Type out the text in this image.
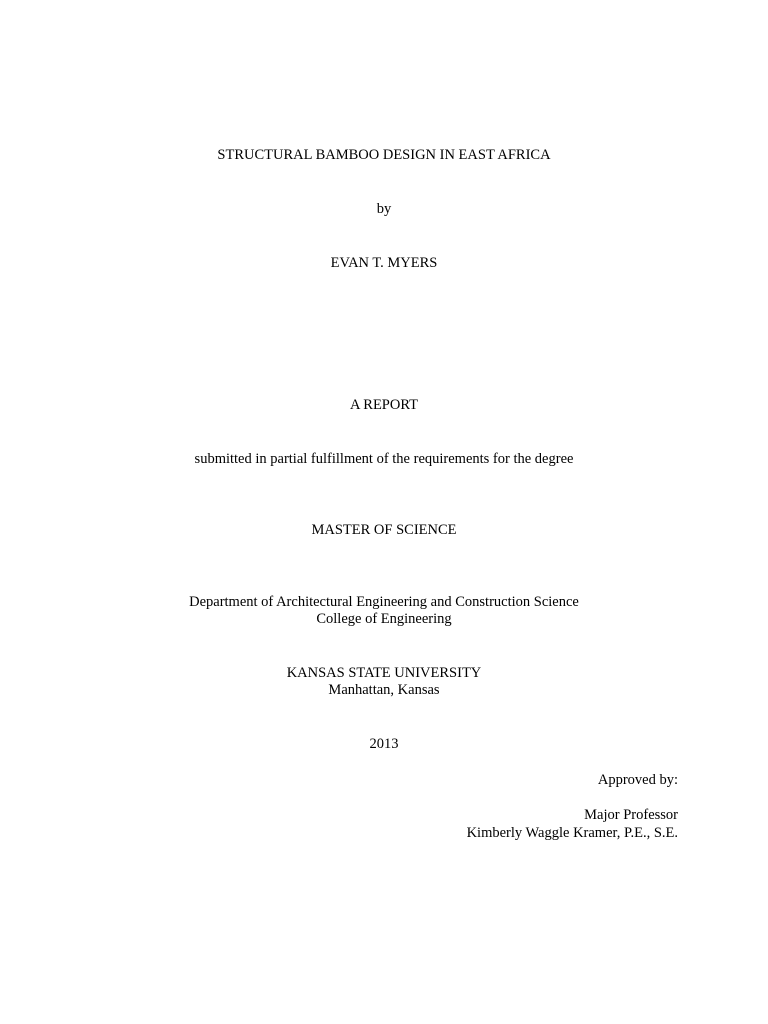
STRUCTURAL BAMBOO DESIGN IN EAST AFRICA
by
EVAN T. MYERS
A REPORT
submitted in partial fulfillment of the requirements for the degree
MASTER OF SCIENCE
Department of Architectural Engineering and Construction Science
College of Engineering
KANSAS STATE UNIVERSITY
Manhattan, Kansas
2013
Approved by:
Major Professor
Kimberly Waggle Kramer, P.E., S.E.
